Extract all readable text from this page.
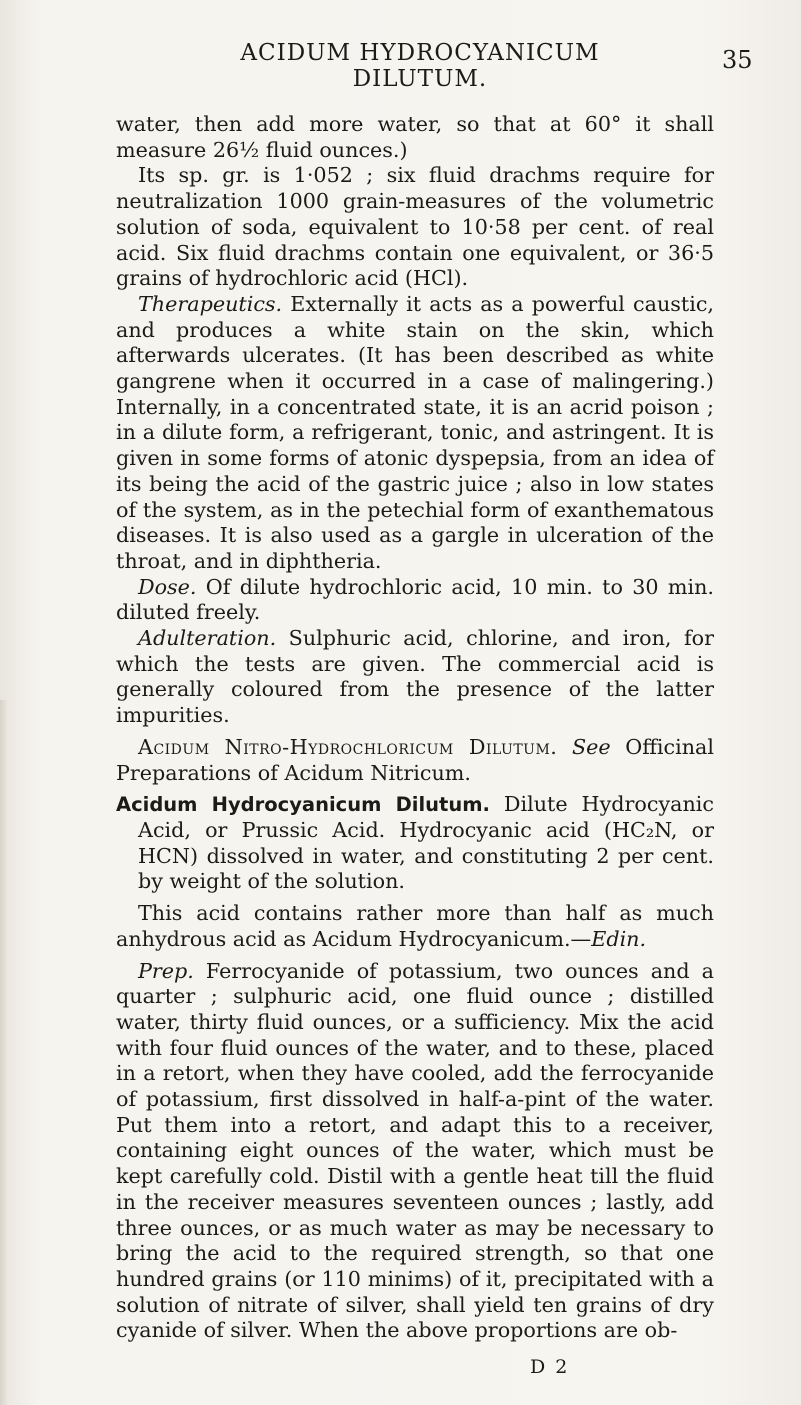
ACIDUM HYDROCYANICUM DILUTUM.
35

water, then add more water, so that at 60° it shall measure 26½ fluid ounces.)

Its sp. gr. is 1·052 ; six fluid drachms require for neutralization 1000 grain-measures of the volumetric solution of soda, equivalent to 10·58 per cent. of real acid. Six fluid drachms contain one equivalent, or 36·5 grains of hydrochloric acid (HCl).

Therapeutics. Externally it acts as a powerful caustic, and produces a white stain on the skin, which afterwards ulcerates. (It has been described as white gangrene when it occurred in a case of malingering.) Internally, in a concentrated state, it is an acrid poison ; in a dilute form, a refrigerant, tonic, and astringent. It is given in some forms of atonic dyspepsia, from an idea of its being the acid of the gastric juice ; also in low states of the system, as in the petechial form of exanthematous diseases. It is also used as a gargle in ulceration of the throat, and in diphtheria.

Dose. Of dilute hydrochloric acid, 10 min. to 30 min. diluted freely.

Adulteration. Sulphuric acid, chlorine, and iron, for which the tests are given. The commercial acid is generally coloured from the presence of the latter impurities.

Acidum Nitro-Hydrochloricum Dilutum. See Officinal Preparations of Acidum Nitricum.

Acidum Hydrocyanicum Dilutum. Dilute Hydrocyanic Acid, or Prussic Acid. Hydrocyanic acid (HC₂N, or HCN) dissolved in water, and constituting 2 per cent. by weight of the solution.

This acid contains rather more than half as much anhydrous acid as Acidum Hydrocyanicum.—Edin.

Prep. Ferrocyanide of potassium, two ounces and a quarter ; sulphuric acid, one fluid ounce ; distilled water, thirty fluid ounces, or a sufficiency. Mix the acid with four fluid ounces of the water, and to these, placed in a retort, when they have cooled, add the ferrocyanide of potassium, first dissolved in half-a-pint of the water. Put them into a retort, and adapt this to a receiver, containing eight ounces of the water, which must be kept carefully cold. Distil with a gentle heat till the fluid in the receiver measures seventeen ounces ; lastly, add three ounces, or as much water as may be necessary to bring the acid to the required strength, so that one hundred grains (or 110 minims) of it, precipitated with a solution of nitrate of silver, shall yield ten grains of dry cyanide of silver. When the above proportions are ob-

D 2
